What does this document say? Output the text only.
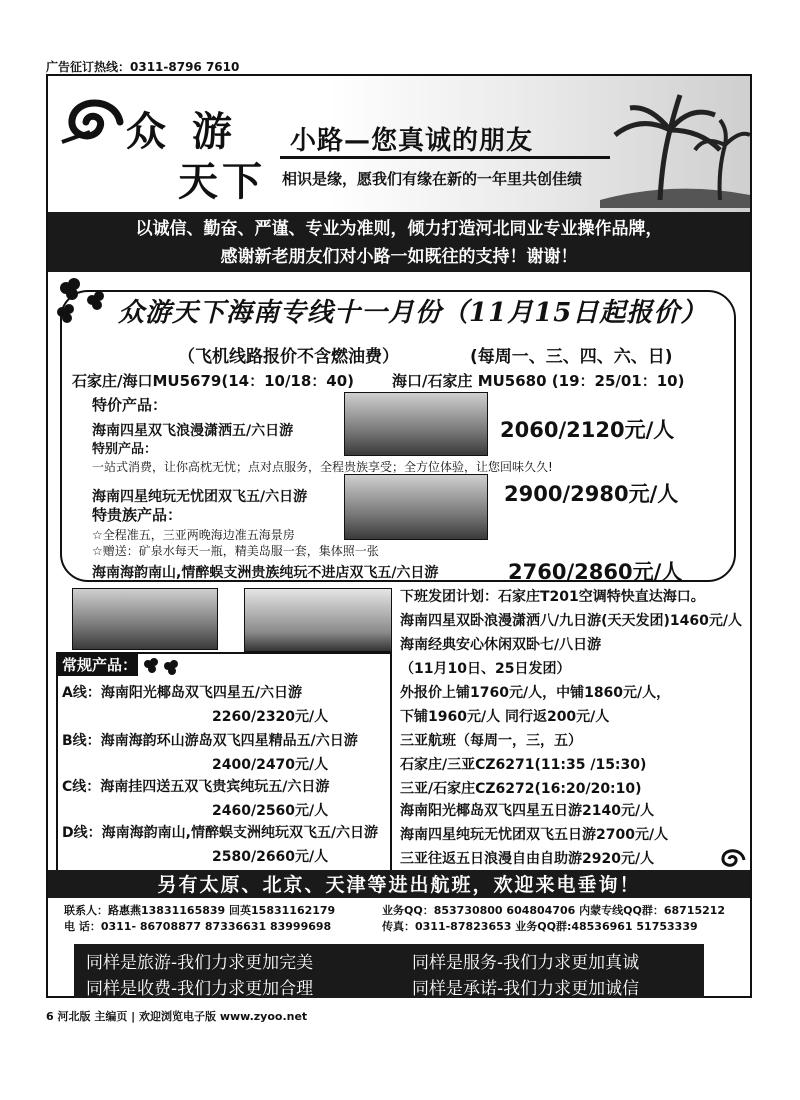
广告征订热线：0311-8796 7610
众 游
天下
小路—您真诚的朋友
相识是缘，愿我们有缘在新的一年里共创佳绩
以诚信、勤奋、严谨、专业为准则，倾力打造河北同业专业操作品牌，
感谢新老朋友们对小路一如既往的支持！谢谢！
众游天下海南专线十一月份（11月15日起报价）
（飞机线路报价不含燃油费）	(每周一、三、四、六、日)
石家庄/海口MU5679(14：10/18：40)	海口/石家庄 MU5680 (19：25/01：10)
特价产品：
海南四星双飞浪漫潇洒五/六日游	2060/2120元/人
特别产品：
一站式消费，让你高枕无忧；点对点服务，全程贵族享受；全方位体验，让您回味久久!
海南四星纯玩无忧团双飞五/六日游	2900/2980元/人
特贵族产品：
☆全程准五，三亚两晚海边准五海景房
☆赠送：矿泉水每天一瓶，精美岛服一套，集体照一张
海南海韵南山,情醉蜈支洲贵族纯玩不进店双飞五/六日游	2760/2860元/人
常规产品：
A线：海南阳光椰岛双飞四星五/六日游
2260/2320元/人
B线：海南海韵环山游岛双飞四星精品五/六日游
2400/2470元/人
C线：海南挂四送五双飞贵宾纯玩五/六日游
2460/2560元/人
D线：海南海韵南山,情醉蜈支洲纯玩双飞五/六日游
2580/2660元/人
下班发团计划：石家庄T201空调特快直达海口。
海南四星双卧浪漫潇洒八/九日游(天天发团)1460元/人
海南经典安心休闲双卧七/八日游
（11月10日、25日发团）
外报价上铺1760元/人，中铺1860元/人，
下铺1960元/人 同行返200元/人
三亚航班（每周一，三，五）
石家庄/三亚CZ6271(11:35 /15:30)
三亚/石家庄CZ6272(16:20/20:10)
海南阳光椰岛双飞四星五日游2140元/人
海南四星纯玩无忧团双飞五日游2700元/人
三亚往返五日浪漫自由自助游2920元/人
另有太原、北京、天津等进出航班，欢迎来电垂询！
联系人：路惠燕13831165839 回英15831162179	业务QQ：853730800 604804706 内蒙专线QQ群：68715212
电 话：0311- 86708877 87336631 83999698	传真：0311-87823653 业务QQ群:48536961 51753339
同样是旅游-我们力求更加完美	同样是服务-我们力求更加真诚
同样是收费-我们力求更加合理	同样是承诺-我们力求更加诚信
6 河北版 主编页 | 欢迎浏览电子版 www.zyoo.net
